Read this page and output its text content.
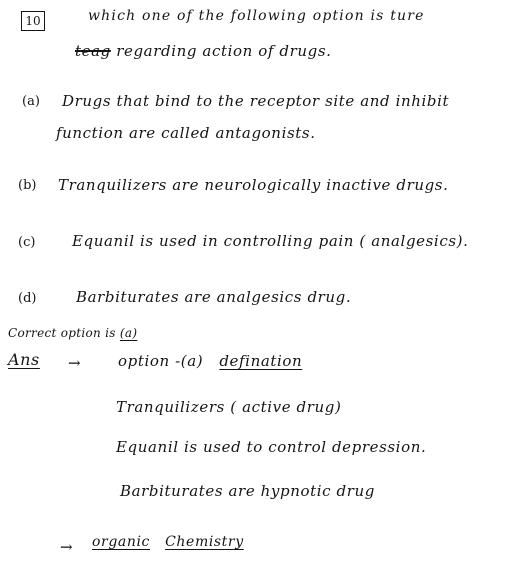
10	which one of the following option is ture
teag regarding action of drugs.
(a) Drugs that bind to the receptor site and inhibit
function are called antagonists.
(b) Tranquilizers are neurologically inactive drugs.
(c) Equanil is used in controlling pain ( analgesics).
(d)	Barbiturates are analgesics drug.
Correct option is (a)
Ans → option -(a) defination
Tranquilizers ( active drug)
Equanil is used to control depression.
Barbiturates are hypnotic drug
→ organic Chemistry
